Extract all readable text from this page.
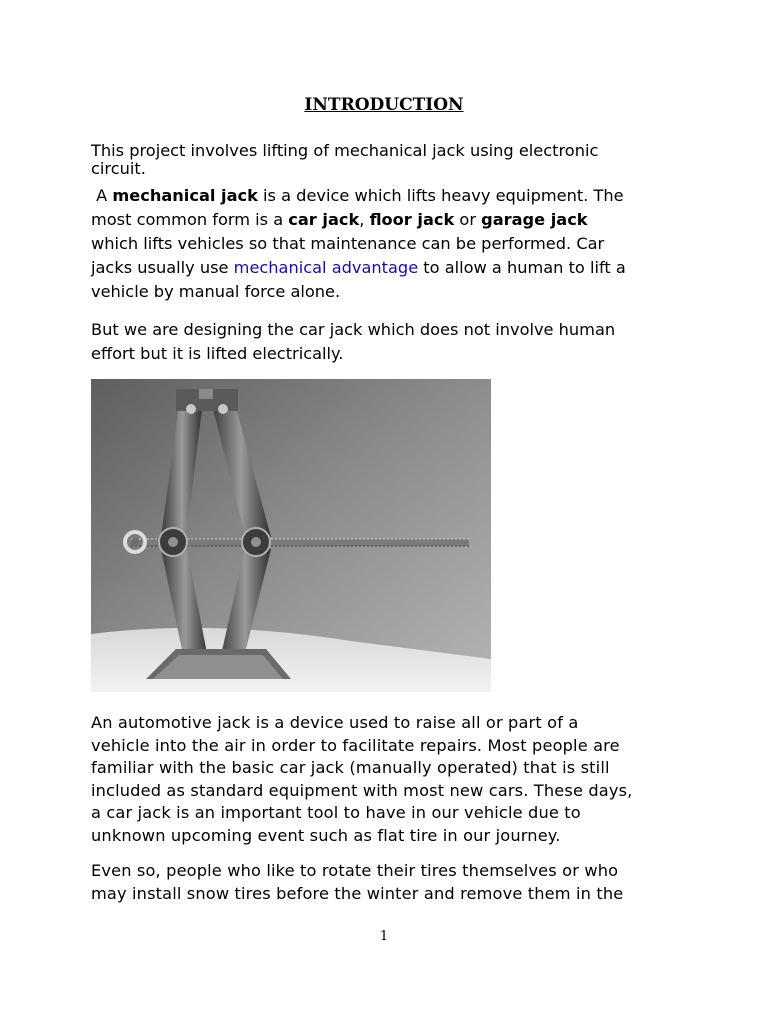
INTRODUCTION

This project involves lifting of mechanical jack using electronic
circuit.

A mechanical jack is a device which lifts heavy equipment. The
most common form is a car jack, floor jack or garage jack
which lifts vehicles so that maintenance can be performed. Car
jacks usually use mechanical advantage to allow a human to lift a
vehicle by manual force alone.

But we are designing the car jack which does not involve human
effort but it is lifted electrically.

An automotive jack is a device used to raise all or part of a
vehicle into the air in order to facilitate repairs. Most people are
familiar with the basic car jack (manually operated) that is still
included as standard equipment with most new cars. These days,
a car jack is an important tool to have in our vehicle due to
unknown upcoming event such as flat tire in our journey.

Even so, people who like to rotate their tires themselves or who
may install snow tires before the winter and remove them in the

1
